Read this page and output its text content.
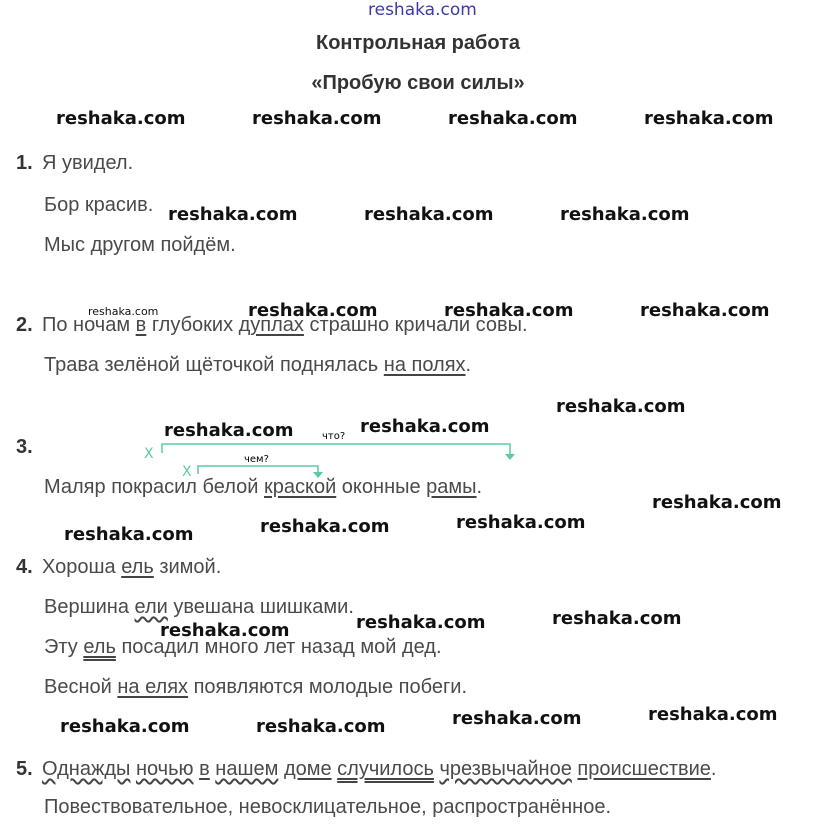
reshaka.com
Контрольная работа
«Пробую свои силы»
reshaka.com	reshaka.com	reshaka.com	reshaka.com
reshaka.com	reshaka.com	reshaka.com
reshaka.com	reshaka.com	reshaka.com	reshaka.com
reshaka.com
reshaka.com	reshaka.com
reshaka.com
reshaka.com	reshaka.com	reshaka.com
reshaka.com
reshaka.com
reshaka.com
reshaka.com
reshaka.com
reshaka.com
reshaka.com
1. Я увидел.
Бор красив.
Мыс другом пойдём.
2. По ночам в глубоких дуплах страшно кричали совы.
Трава зелёной щёточкой поднялась на полях.
3.	X
что?
X
чем?
Маляр покрасил белой краской оконные рамы.
4. Хороша ель зимой.
Вершина ели увешана шишками.
Эту ель посадил много лет назад мой дед.
Весной на елях появляются молодые побеги.
5. Однажды ночью в нашем доме случилось чрезвычайное происшествие.
Повествовательное, невосклицательное, распространённое.
